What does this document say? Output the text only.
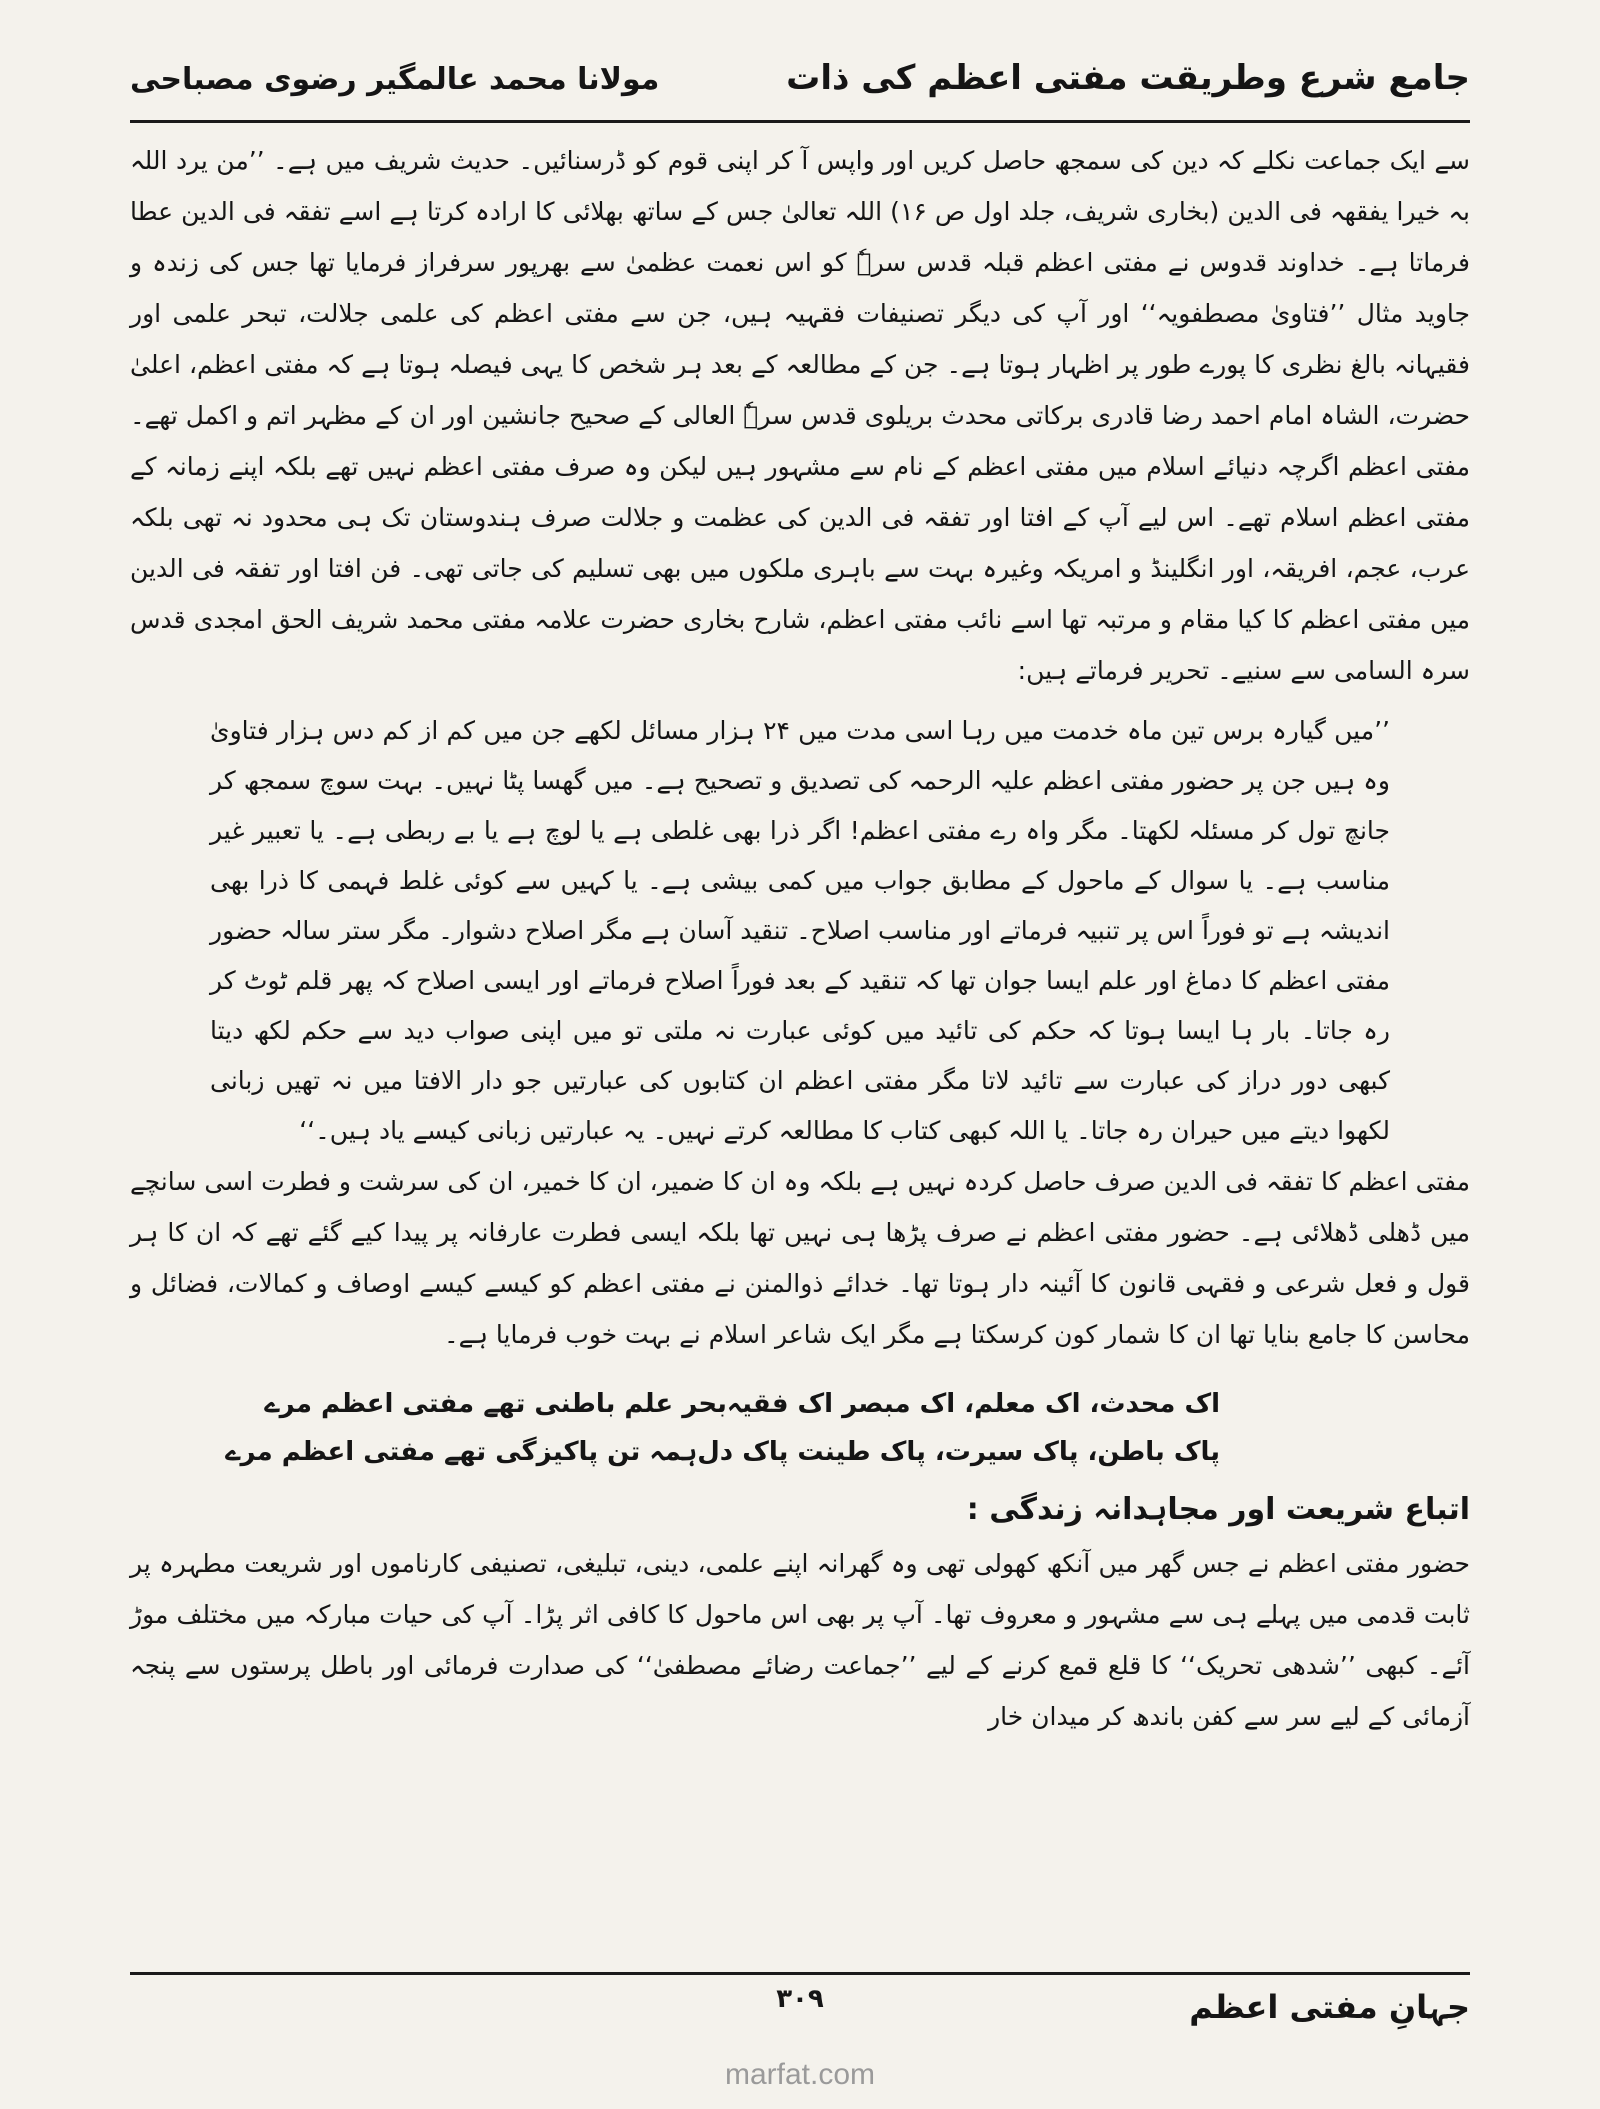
جامع شرع وطریقت مفتی اعظم کی ذات
مولانا محمد عالمگیر رضوی مصباحی

سے ایک جماعت نکلے کہ دین کی سمجھ حاصل کریں اور واپس آ کر اپنی قوم کو ڈرسنائیں۔ حدیث شریف میں ہے۔ ’’من یرد اللہ بہ خیرا یفقھہ فی الدین (بخاری شریف، جلد اول ص ۱۶) اللہ تعالیٰ جس کے ساتھ بھلائی کا ارادہ کرتا ہے اسے تفقہ فی الدین عطا فرماتا ہے۔ خداوند قدوس نے مفتی اعظم قبلہ قدس سرہٗ کو اس نعمت عظمیٰ سے بھرپور سرفراز فرمایا تھا جس کی زندہ و جاوید مثال ’’فتاویٰ مصطفویہ‘‘ اور آپ کی دیگر تصنیفات فقہیہ ہیں، جن سے مفتی اعظم کی علمی جلالت، تبحر علمی اور فقیہانہ بالغ نظری کا پورے طور پر اظہار ہوتا ہے۔ جن کے مطالعہ کے بعد ہر شخص کا یہی فیصلہ ہوتا ہے کہ مفتی اعظم، اعلیٰ حضرت، الشاہ امام احمد رضا قادری برکاتی محدث بریلوی قدس سرہٗ العالی کے صحیح جانشین اور ان کے مظہر اتم و اکمل تھے۔ مفتی اعظم اگرچہ دنیائے اسلام میں مفتی اعظم کے نام سے مشہور ہیں لیکن وہ صرف مفتی اعظم نہیں تھے بلکہ اپنے زمانہ کے مفتی اعظم اسلام تھے۔ اس لیے آپ کے افتا اور تفقہ فی الدین کی عظمت و جلالت صرف ہندوستان تک ہی محدود نہ تھی بلکہ عرب، عجم، افریقہ، اور انگلینڈ و امریکہ وغیرہ بہت سے باہری ملکوں میں بھی تسلیم کی جاتی تھی۔ فن افتا اور تفقہ فی الدین میں مفتی اعظم کا کیا مقام و مرتبہ تھا اسے نائب مفتی اعظم، شارح بخاری حضرت علامہ مفتی محمد شریف الحق امجدی قدس سرہ السامی سے سنیے۔ تحریر فرماتے ہیں:

’’میں گیارہ برس تین ماہ خدمت میں رہا اسی مدت میں ۲۴ ہزار مسائل لکھے جن میں کم از کم دس ہزار فتاویٰ وہ ہیں جن پر حضور مفتی اعظم علیہ الرحمہ کی تصدیق و تصحیح ہے۔ میں گھسا پٹا نہیں۔ بہت سوچ سمجھ کر جانچ تول کر مسئلہ لکھتا۔ مگر واہ رے مفتی اعظم! اگر ذرا بھی غلطی ہے یا لوچ ہے یا بے ربطی ہے۔ یا تعبیر غیر مناسب ہے۔ یا سوال کے ماحول کے مطابق جواب میں کمی بیشی ہے۔ یا کہیں سے کوئی غلط فہمی کا ذرا بھی اندیشہ ہے تو فوراً اس پر تنبیہ فرماتے اور مناسب اصلاح۔ تنقید آسان ہے مگر اصلاح دشوار۔ مگر ستر سالہ حضور مفتی اعظم کا دماغ اور علم ایسا جوان تھا کہ تنقید کے بعد فوراً اصلاح فرماتے اور ایسی اصلاح کہ پھر قلم ٹوٹ کر رہ جاتا۔ بار ہا ایسا ہوتا کہ حکم کی تائید میں کوئی عبارت نہ ملتی تو میں اپنی صواب دید سے حکم لکھ دیتا کبھی دور دراز کی عبارت سے تائید لاتا مگر مفتی اعظم ان کتابوں کی عبارتیں جو دار الافتا میں نہ تھیں زبانی لکھوا دیتے میں حیران رہ جاتا۔ یا اللہ کبھی کتاب کا مطالعہ کرتے نہیں۔ یہ عبارتیں زبانی کیسے یاد ہیں۔‘‘

مفتی اعظم کا تفقہ فی الدین صرف حاصل کردہ نہیں ہے بلکہ وہ ان کا ضمیر، ان کا خمیر، ان کی سرشت و فطرت اسی سانچے میں ڈھلی ڈھلائی ہے۔ حضور مفتی اعظم نے صرف پڑھا ہی نہیں تھا بلکہ ایسی فطرت عارفانہ پر پیدا کیے گئے تھے کہ ان کا ہر قول و فعل شرعی و فقہی قانون کا آئینہ دار ہوتا تھا۔ خدائے ذوالمنن نے مفتی اعظم کو کیسے کیسے اوصاف و کمالات، فضائل و محاسن کا جامع بنایا تھا ان کا شمار کون کرسکتا ہے مگر ایک شاعر اسلام نے بہت خوب فرمایا ہے۔

اک محدث، اک معلم، اک مبصر اک فقیہ
بحر علم باطنی تھے مفتی اعظم مرے
پاک باطن، پاک سیرت، پاک طینت پاک دل
ہمہ تن پاکیزگی تھے مفتی اعظم مرے
اتباع شریعت اور مجاہدانہ زندگی :

حضور مفتی اعظم نے جس گھر میں آنکھ کھولی تھی وہ گھرانہ اپنے علمی، دینی، تبلیغی، تصنیفی کارناموں اور شریعت مطہرہ پر ثابت قدمی میں پہلے ہی سے مشہور و معروف تھا۔ آپ پر بھی اس ماحول کا کافی اثر پڑا۔ آپ کی حیات مبارکہ میں مختلف موڑ آئے۔ کبھی ’’شدھی تحریک‘‘ کا قلع قمع کرنے کے لیے ’’جماعت رضائے مصطفیٰ‘‘ کی صدارت فرمائی اور باطل پرستوں سے پنجہ آزمائی کے لیے سر سے کفن باندھ کر میدان خار

جہانِ مفتی اعظم
۳۰۹
marfat.com
